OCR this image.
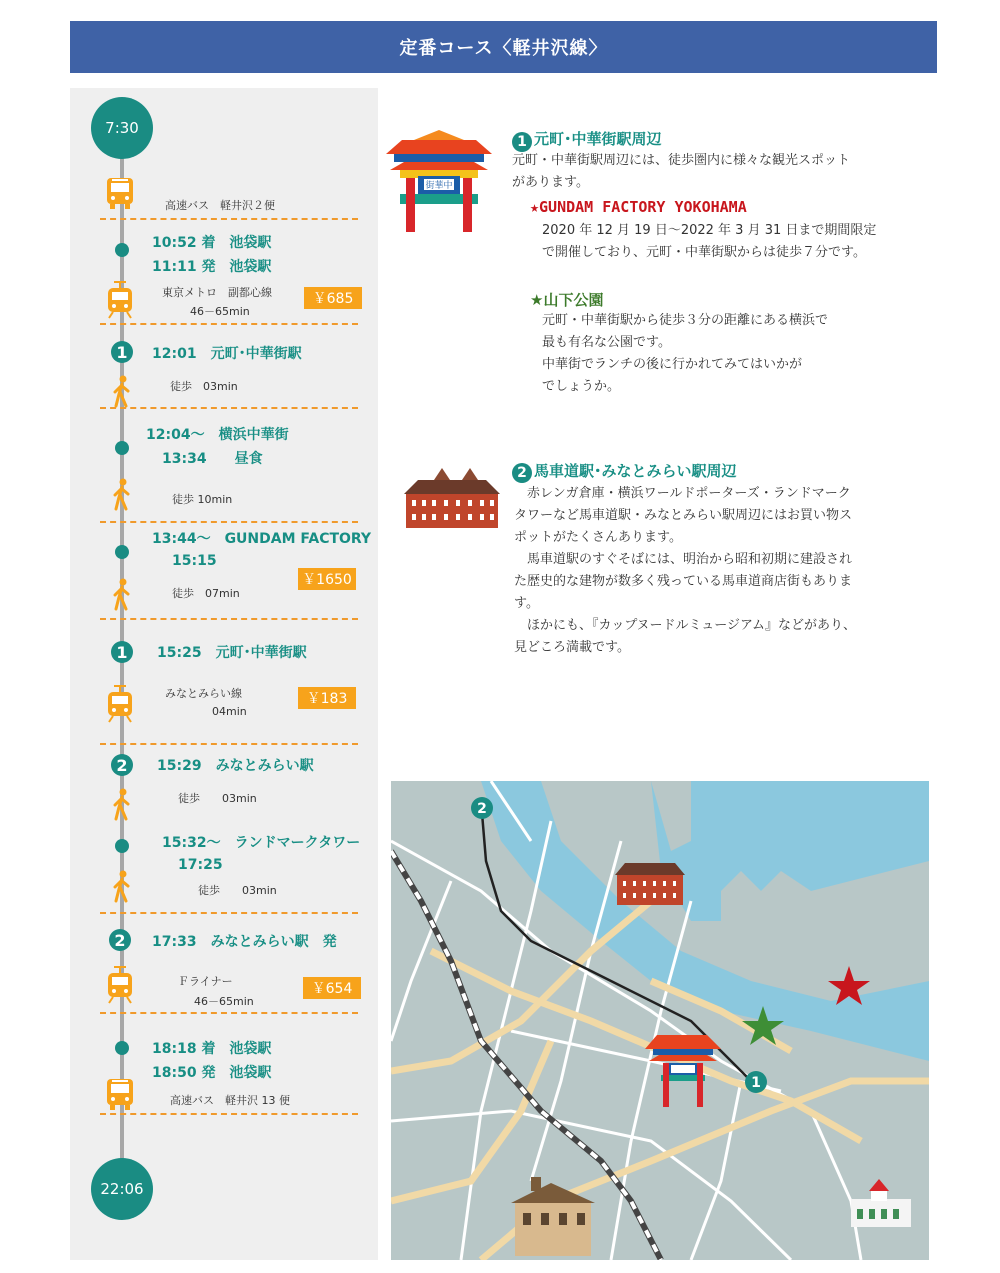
定番コース〈軽井沢線〉
7:30
高速バス　軽井沢２便
10:52 着　池袋駅
11:11 発　池袋駅
東京メトロ　副都心線
46－65min
￥685
1	12:01　元町･中華街駅
徒歩　03min
12:04～　横浜中華街
13:34　　昼食
徒歩 10min
13:44～　GUNDAM FACTORY
15:15
徒歩　07min
￥1650
1	15:25　元町･中華街駅
みなとみらい線
04min
￥183
2	15:29　みなとみらい駅
徒歩　　03min
15:32～　ランドマークタワー
17:25
徒歩　　03min
2	17:33　みなとみらい駅　発
Ｆライナー
46－65min
￥654
18:18 着　池袋駅
18:50 発　池袋駅
高速バス　軽井沢 13 便
22:06
街華中
1 元町･中華街駅周辺
元町・中華街駅周辺には、徒歩圏内に様々な観光スポット
があります。
★GUNDAM FACTORY YOKOHAMA
2020 年 12 月 19 日～2022 年 3 月 31 日まで期間限定
で開催しており、元町・中華街駅からは徒歩７分です。
★山下公園
元町・中華街駅から徒歩３分の距離にある横浜で
最も有名な公園です。
中華街でランチの後に行かれてみてはいかが
でしょうか。
2 馬車道駅･みなとみらい駅周辺
　赤レンガ倉庫・横浜ワールドポーターズ・ランドマーク
タワーなど馬車道駅・みなとみらい駅周辺にはお買い物ス
ポットがたくさんあります。
　馬車道駅のすぐそばには、明治から昭和初期に建設され
た歴史的な建物が数多く残っている馬車道商店街もありま
す。
　ほかにも、『カップヌードルミュージアム』などがあり、
見どころ満載です。
2
1
